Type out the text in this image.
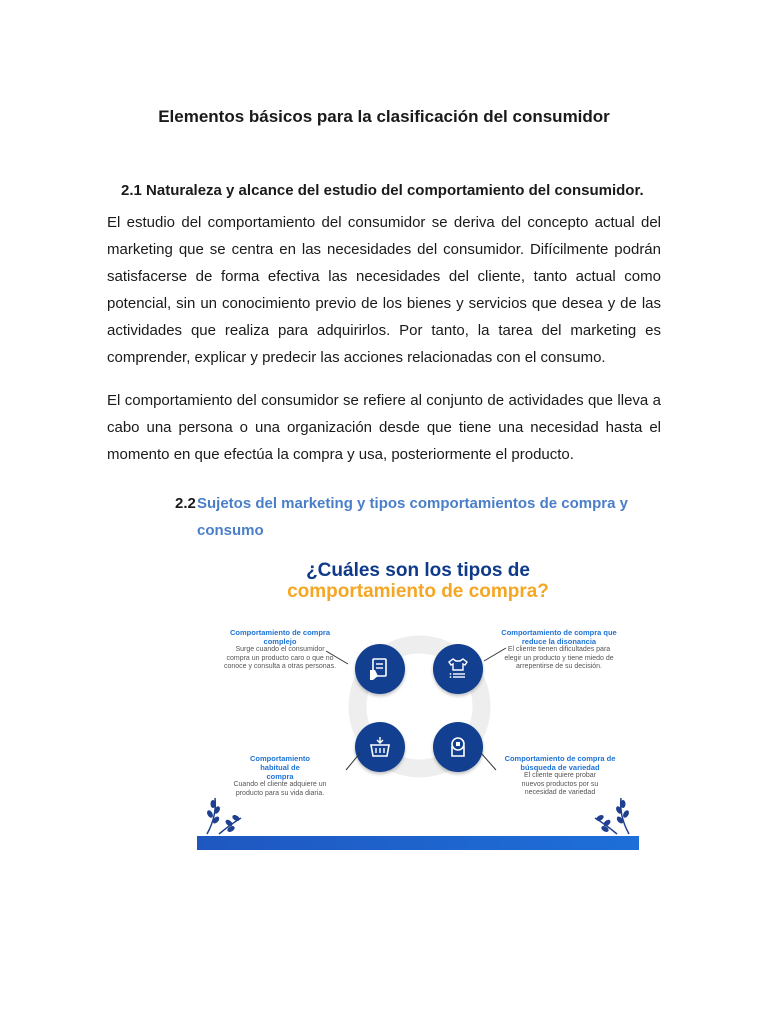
Elementos básicos para la clasificación del consumidor
2.1 Naturaleza y alcance del estudio del comportamiento del consumidor.

El estudio del comportamiento del consumidor se deriva del concepto actual del marketing que se centra en las necesidades del consumidor. Difícilmente podrán satisfacerse de forma efectiva las necesidades del cliente, tanto actual como potencial, sin un conocimiento previo de los bienes y servicios que desea y de las actividades que realiza para adquirirlos. Por tanto, la tarea del marketing es comprender, explicar y predecir las acciones relacionadas con el consumo.

El comportamiento del consumidor se refiere al conjunto de actividades que lleva a cabo una persona o una organización desde que tiene una necesidad hasta el momento en que efectúa la compra y usa, posteriormente el producto.

2.2 Sujetos del marketing y tipos comportamientos de compra y consumo
¿Cuáles son los tipos de
comportamiento de compra?
Comportamiento de compra complejo
Surge cuando el consumidor compra un producto caro o que no conoce y consulta a otras personas.
Comportamiento de compra que reduce la disonancia
El cliente tienen dificultades para elegir un producto y tiene miedo de arrepentirse de su decisión.
Comportamiento habitual de compra
Cuando el cliente adquiere un producto para su vida diaria.
Comportamiento de compra de búsqueda de variedad
El cliente quiere probar nuevos productos por su necesidad de variedad
